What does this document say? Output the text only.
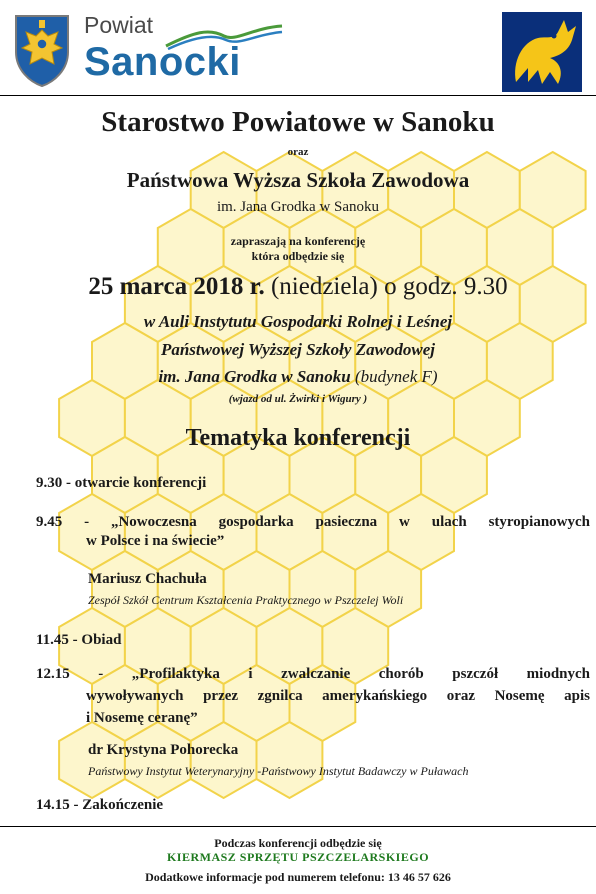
Powiat
Sanocki
Starostwo Powiatowe w Sanoku
oraz
Państwowa Wyższa Szkoła Zawodowa
im. Jana Grodka w Sanoku
zapraszają na konferencję
która odbędzie się
25 marca 2018 r. (niedziela) o godz. 9.30
w Auli Instytutu Gospodarki Rolnej i Leśnej
Państwowej Wyższej Szkoły Zawodowej
im. Jana Grodka w Sanoku (budynek F)
(wjazd od ul. Żwirki i Wigury )
Tematyka konferencji
9.30 - otwarcie konferencji
9.45 - „Nowoczesna gospodarka pasieczna w ulach styropianowych
w Polsce i na świecie”
Mariusz Chachuła
Zespół Szkół Centrum Kształcenia Praktycznego w Pszczelej Woli
11.45 - Obiad
12.15 - „Profilaktyka i zwalczanie chorób pszczół miodnych
wywoływanych przez zgnilca amerykańskiego oraz Nosemę apis
i Nosemę ceranę”
dr Krystyna Pohorecka
Państwowy Instytut Weterynaryjny -Państwowy Instytut Badawczy w Puławach
14.15 - Zakończenie
Podczas konferencji odbędzie się
KIERMASZ SPRZĘTU PSZCZELARSKIEGO
Dodatkowe informacje pod numerem telefonu: 13 46 57 626
